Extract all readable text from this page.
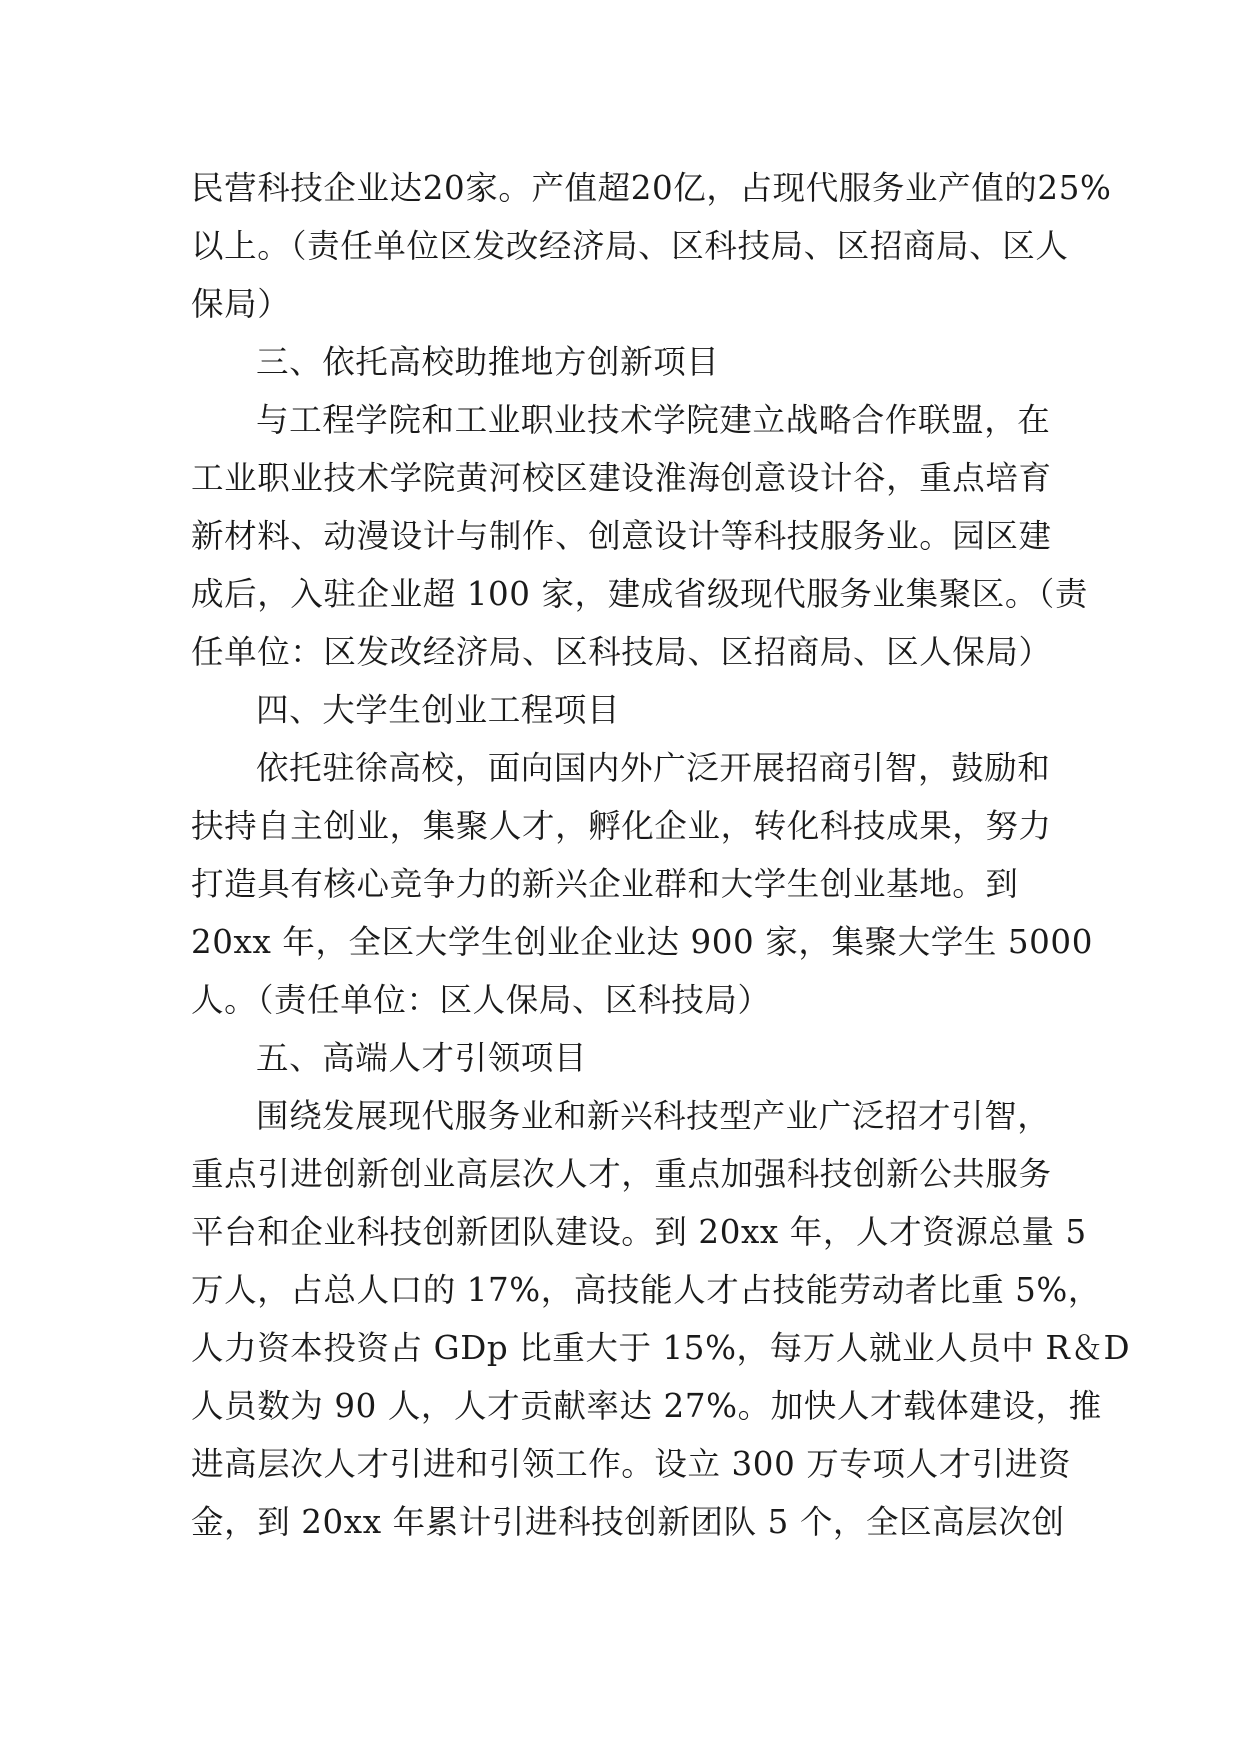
民营科技企业达20家。产值超20亿，占现代服务业产值的25%
以上。（责任单位区发改经济局、区科技局、区招商局、区人
保局）
三、依托高校助推地方创新项目
与工程学院和工业职业技术学院建立战略合作联盟，在
工业职业技术学院黄河校区建设淮海创意设计谷，重点培育
新材料、动漫设计与制作、创意设计等科技服务业。园区建
成后，入驻企业超 100 家，建成省级现代服务业集聚区。（责
任单位：区发改经济局、区科技局、区招商局、区人保局）
四、大学生创业工程项目
依托驻徐高校，面向国内外广泛开展招商引智，鼓励和
扶持自主创业，集聚人才，孵化企业，转化科技成果，努力
打造具有核心竞争力的新兴企业群和大学生创业基地。到
20xx 年，全区大学生创业企业达 900 家，集聚大学生 5000
人。（责任单位：区人保局、区科技局）
五、高端人才引领项目
围绕发展现代服务业和新兴科技型产业广泛招才引智，
重点引进创新创业高层次人才，重点加强科技创新公共服务
平台和企业科技创新团队建设。到 20xx 年，人才资源总量 5
万人，占总人口的 17%，高技能人才占技能劳动者比重 5%，
人力资本投资占 GDp 比重大于 15%，每万人就业人员中 R＆D
人员数为 90 人，人才贡献率达 27%。加快人才载体建设，推
进高层次人才引进和引领工作。设立 300 万专项人才引进资
金，到 20xx 年累计引进科技创新团队 5 个，全区高层次创
